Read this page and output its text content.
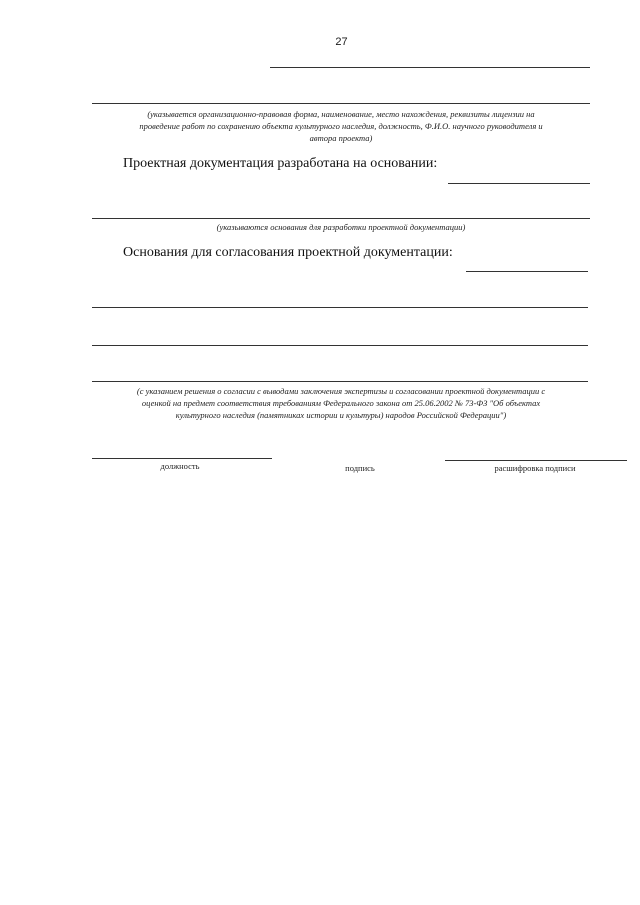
27
(указывается организационно-правовая форма, наименование, место нахождения, реквизиты лицензии на
проведение работ по сохранению объекта культурного наследия, должность, Ф.И.О. научного руководителя и
автора проекта)
Проектная документация разработана на основании:
(указываются основания для разработки проектной документации)
Основания для согласования проектной документации:
(с указанием решения о согласии с выводами заключения экспертизы и согласовании проектной документации с
оценкой на предмет соответствия требованиям Федерального закона от 25.06.2002 № 73-ФЗ "Об объектах
культурного наследия (памятниках истории и культуры) народов Российской Федерации")
должность	подпись	расшифровка подписи
